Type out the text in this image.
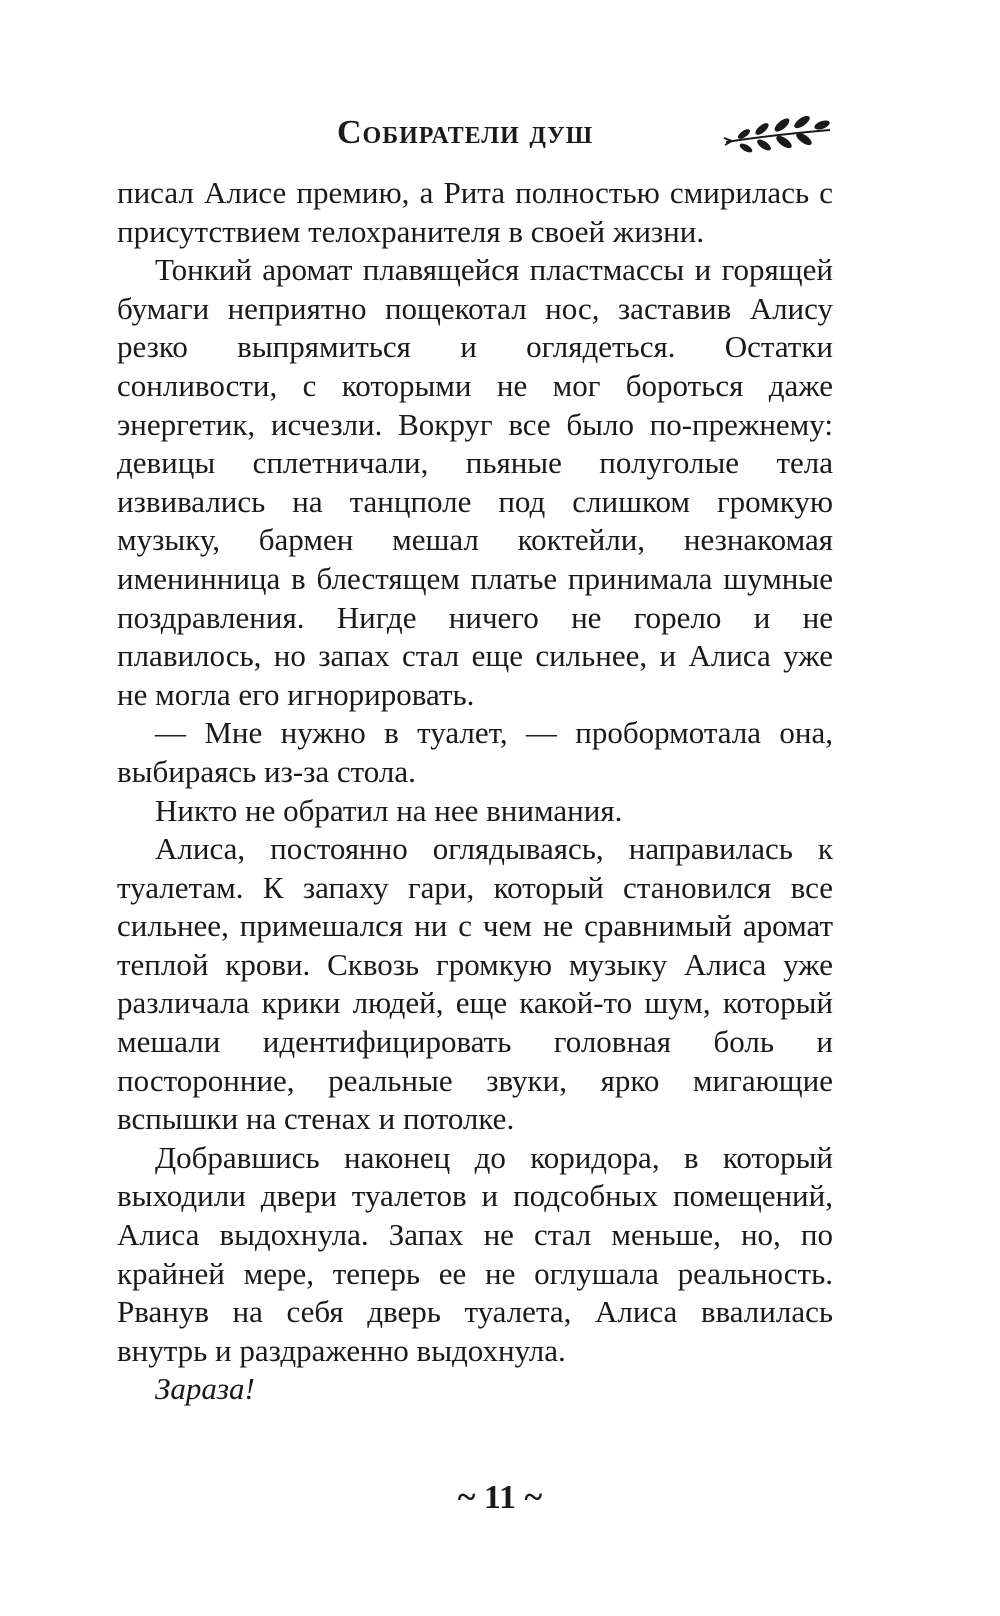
Собиратели душ

писал Алисе премию, а Рита полностью смирилась с присутствием телохранителя в своей жизни.

Тонкий аромат плавящейся пластмассы и горящей бумаги неприятно пощекотал нос, заставив Алису резко выпрямиться и оглядеться. Остатки сонливости, с которыми не мог бороться даже энергетик, исчезли. Вокруг все было по-прежнему: девицы сплетничали, пьяные полуголые тела извивались на танцполе под слишком громкую музыку, бармен мешал коктейли, незнакомая именинница в блестящем платье принимала шумные поздравления. Нигде ничего не горело и не плавилось, но запах стал еще сильнее, и Алиса уже не могла его игнорировать.

— Мне нужно в туалет, — пробормотала она, выбираясь из-за стола.

Никто не обратил на нее внимания.

Алиса, постоянно оглядываясь, направилась к туалетам. К запаху гари, который становился все сильнее, примешался ни с чем не сравнимый аромат теплой крови. Сквозь громкую музыку Алиса уже различала крики людей, еще какой-то шум, который мешали идентифицировать головная боль и посторонние, реальные звуки, ярко мигающие вспышки на стенах и потолке.

Добравшись наконец до коридора, в который выходили двери туалетов и подсобных помещений, Алиса выдохнула. Запах не стал меньше, но, по крайней мере, теперь ее не оглушала реальность. Рванув на себя дверь туалета, Алиса ввалилась внутрь и раздраженно выдохнула.

Зараза!

~ 11 ~
